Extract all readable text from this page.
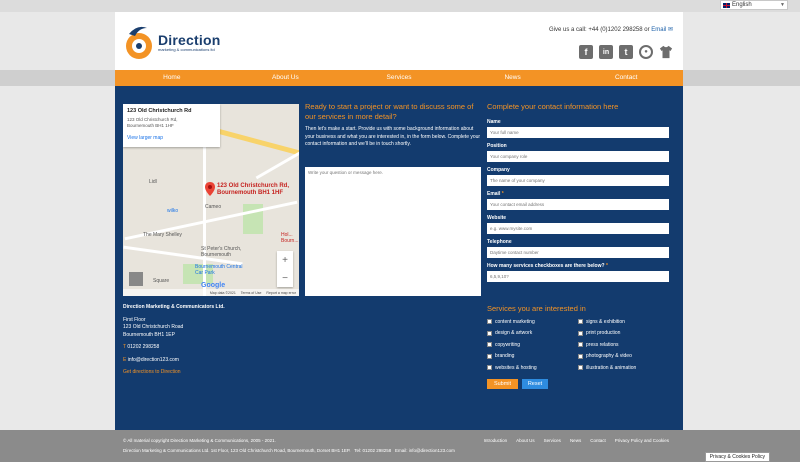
English	▼
Direction
marketing & communications ltd
Give us a call: +44 (0)1202 298258 or Email ✉
f	in	t	●
Home	About Us	Services	News	Contact
123 Old Christchurch Rd
123 Old Christchurch Rd,
Bournemouth BH1 1HF
View larger map
Lidl
wilko
Cameo
The Mary Shelley
St Peter's Church, Bournemouth
Bournemouth Central Car Park
Square
Hol... Bourn...
123 Old Christchurch Rd,
Bournemouth BH1 1HF
+
−
Google
Map data ©2021 Terms of Use Report a map error
Ready to start a project or want to discuss some of our services in more detail?

Then let's make a start. Provide us with some background information about your business and what you are interested in, in the form below. Complete your contact information and we'll be in touch shortly.

Write your question or message here.
Complete your contact information here
Name
Your full name
Position
Your company role
Company
The name of your company
Email *
Your contact email address
Website
e.g. www.mysite.com
Telephone
Daytime contact number
How many services checkboxes are there below? *
6,5,9,10?
Direction Marketing & Communicators Ltd.
First Floor
123 Old Christchurch Road
Bournemouth BH1 1EP
T 01202 298258
E info@direction123.com
Get directions to Direction
Services you are interested in
content marketing	signs & exhibition
design & artwork	print production
copywriting	press relations
branding	photography & video
websites & hosting	illustration & animation
Submit	Reset
© All material copyright Direction Marketing & Communications, 2005 - 2021.	Introduction About Us Services News Contact Privacy Policy and Cookies
Direction Marketing & Communications Ltd. 1st Floor, 123 Old Christchurch Road, Bournemouth, Dorset BH1 1EP.   Tel: 01202 298258   Email: info@direction123.com
Privacy & Cookies Policy
